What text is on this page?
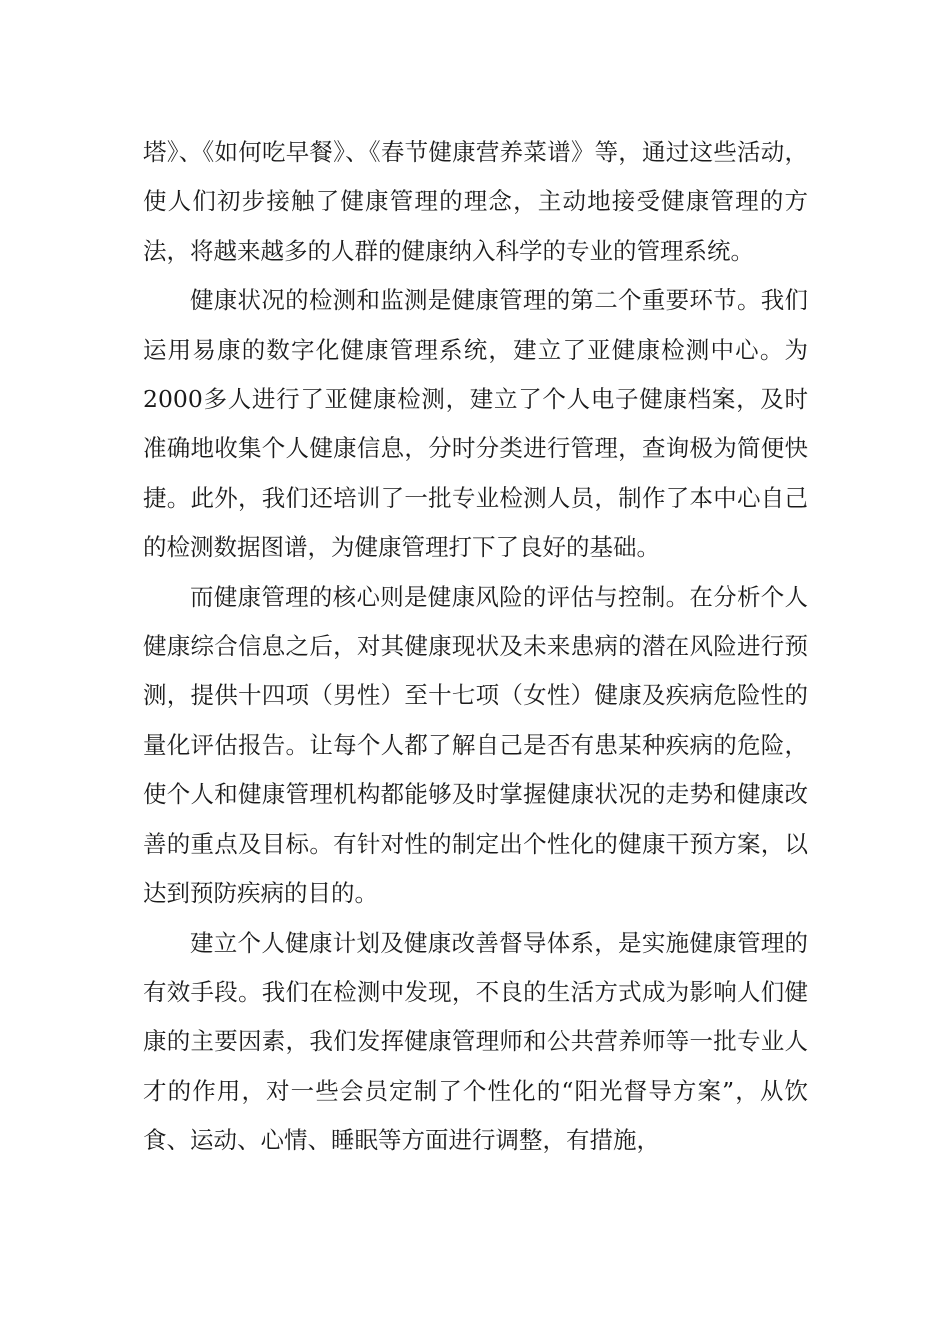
塔》、《如何吃早餐》、《春节健康营养菜谱》等，通过这些活动，使人们初步接触了健康管理的理念，主动地接受健康管理的方法，将越来越多的人群的健康纳入科学的专业的管理系统。

健康状况的检测和监测是健康管理的第二个重要环节。我们运用易康的数字化健康管理系统，建立了亚健康检测中心。为2000多人进行了亚健康检测，建立了个人电子健康档案，及时准确地收集个人健康信息，分时分类进行管理，查询极为简便快捷。此外，我们还培训了一批专业检测人员，制作了本中心自己的检测数据图谱，为健康管理打下了良好的基础。

而健康管理的核心则是健康风险的评估与控制。在分析个人健康综合信息之后，对其健康现状及未来患病的潜在风险进行预测，提供十四项（男性）至十七项（女性）健康及疾病危险性的量化评估报告。让每个人都了解自己是否有患某种疾病的危险，使个人和健康管理机构都能够及时掌握健康状况的走势和健康改善的重点及目标。有针对性的制定出个性化的健康干预方案，以达到预防疾病的目的。

建立个人健康计划及健康改善督导体系，是实施健康管理的有效手段。我们在检测中发现，不良的生活方式成为影响人们健康的主要因素，我们发挥健康管理师和公共营养师等一批专业人才的作用，对一些会员定制了个性化的“阳光督导方案”，从饮食、运动、心情、睡眠等方面进行调整，有措施，
